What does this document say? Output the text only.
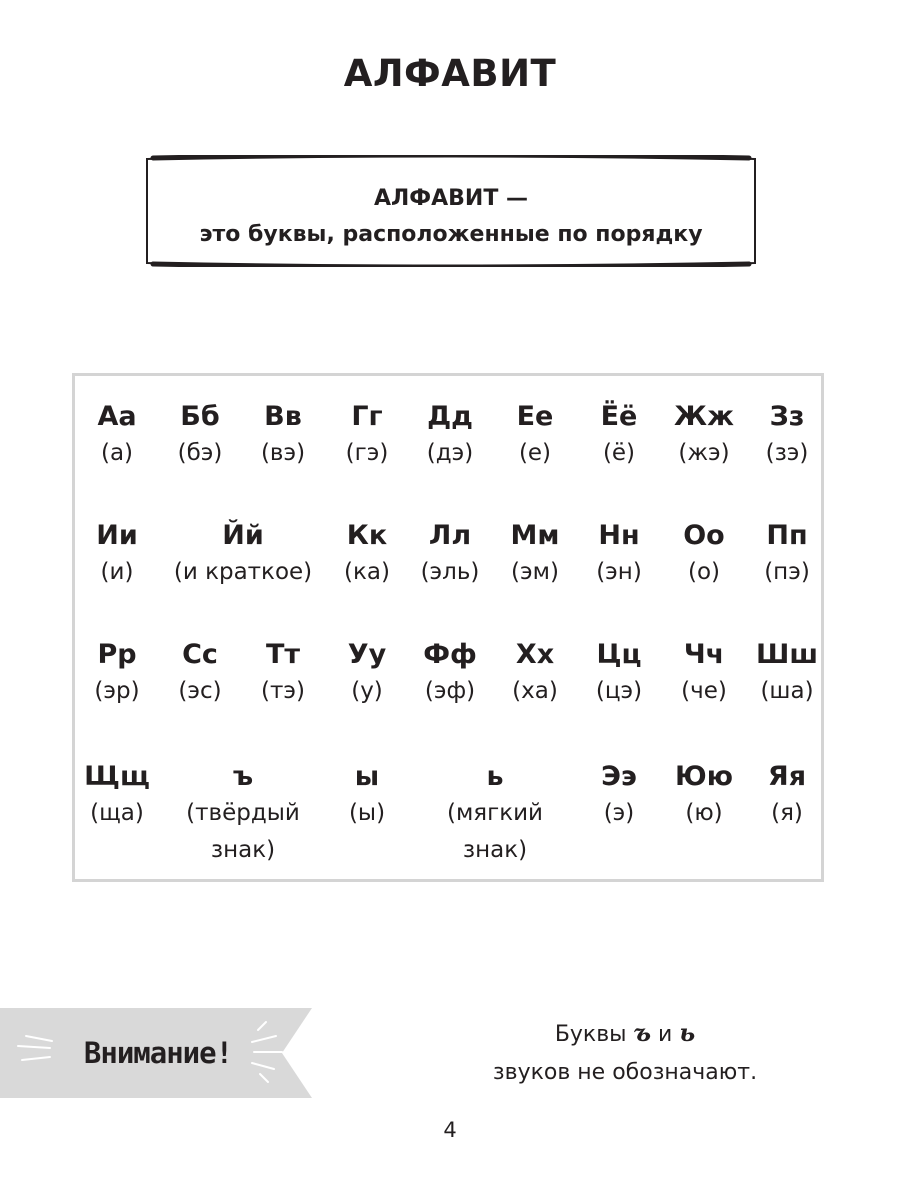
АЛФАВИТ
АЛФАВИТ —
это буквы, расположенные по порядку
Аа
(а)
Бб
(бэ)
Вв
(вэ)
Гг
(гэ)
Дд
(дэ)
Ее
(е)
Ёё
(ё)
Жж
(жэ)
Зз
(зэ)
Ии
(и)
Йй
(и краткое)
Кк
(ка)
Лл
(эль)
Мм
(эм)
Нн
(эн)
Оо
(о)
Пп
(пэ)
Рр
(эр)
Сс
(эс)
Тт
(тэ)
Уу
(у)
Фф
(эф)
Хх
(ха)
Цц
(цэ)
Чч
(че)
Шш
(ша)
Щщ
(ща)
ъ
(твёрдый
знак)
ы
(ы)
ь
(мягкий
знак)
Ээ
(э)
Юю
(ю)
Яя
(я)
Внимание!
Буквы ъ и ь
звуков не обозначают.
4
